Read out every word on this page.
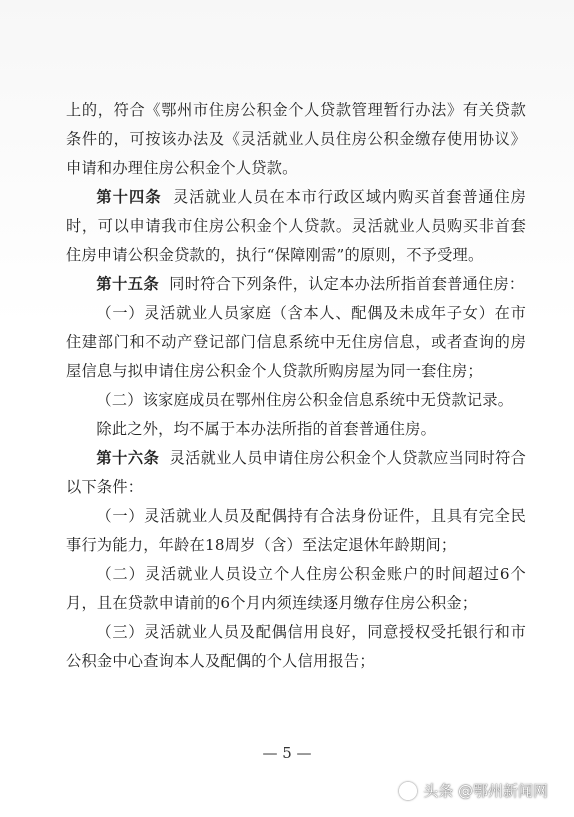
上的，符合《鄂州市住房公积金个人贷款管理暂行办法》有关贷款条件的，可按该办法及《灵活就业人员住房公积金缴存使用协议》申请和办理住房公积金个人贷款。

第十四条 灵活就业人员在本市行政区域内购买首套普通住房时，可以申请我市住房公积金个人贷款。灵活就业人员购买非首套住房申请公积金贷款的，执行“保障刚需”的原则，不予受理。

第十五条 同时符合下列条件，认定本办法所指首套普通住房：

（一）灵活就业人员家庭（含本人、配偶及未成年子女）在市住建部门和不动产登记部门信息系统中无住房信息，或者查询的房屋信息与拟申请住房公积金个人贷款所购房屋为同一套住房；

（二）该家庭成员在鄂州住房公积金信息系统中无贷款记录。

除此之外，均不属于本办法所指的首套普通住房。

第十六条 灵活就业人员申请住房公积金个人贷款应当同时符合以下条件：

（一）灵活就业人员及配偶持有合法身份证件，且具有完全民事行为能力，年龄在18周岁（含）至法定退休年龄期间；

（二）灵活就业人员设立个人住房公积金账户的时间超过6个月，且在贷款申请前的6个月内须连续逐月缴存住房公积金；

（三）灵活就业人员及配偶信用良好，同意授权受托银行和市公积金中心查询本人及配偶的个人信用报告；

— 5 —
头条 @鄂州新闻网
